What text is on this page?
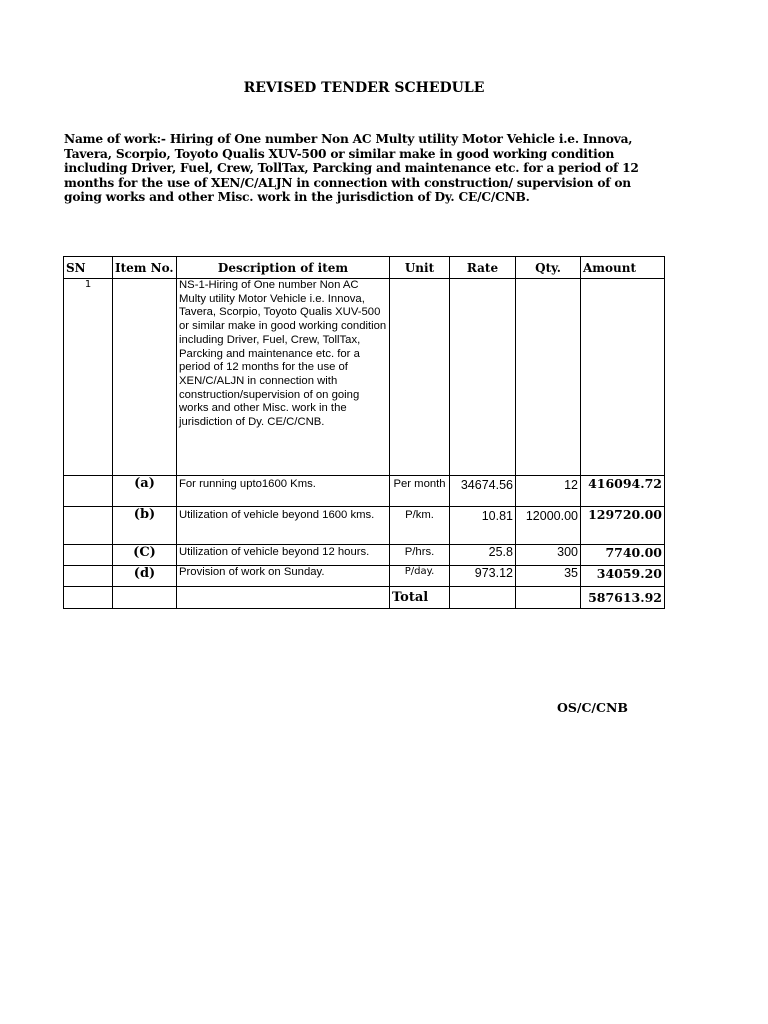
REVISED TENDER SCHEDULE

Name of work:- Hiring of One number Non AC Multy utility Motor Vehicle i.e. Innova, Tavera, Scorpio, Toyoto Qualis XUV-500 or similar make in good working condition including Driver, Fuel, Crew, TollTax, Parcking and maintenance etc. for a period of 12 months for the use of XEN/C/ALJN in connection with construction/ supervision of on going works and other Misc. work in the jurisdiction of Dy. CE/C/CNB.

SN	Item No.	Description of item	Unit	Rate	Qty.	Amount
1		NS-1-Hiring of One number Non AC Multy utility Motor Vehicle i.e. Innova, Tavera, Scorpio, Toyoto Qualis XUV-500 or similar make in good working condition including Driver, Fuel, Crew, TollTax, Parcking and maintenance etc. for a period of 12 months for the use of XEN/C/ALJN in connection with construction/supervision of on going works and other Misc. work in the jurisdiction of Dy. CE/C/CNB.				
	(a)	For running upto1600 Kms.	Per month	34674.56	12	416094.72
	(b)	Utilization of vehicle beyond 1600 kms.	P/km.	10.81	12000.00	129720.00
	(C)	Utilization of vehicle beyond 12 hours.	P/hrs.	25.8	300	7740.00
	(d)	Provision of work on Sunday.	P/day.	973.12	35	34059.20
			Total			587613.92
OS/C/CNB
